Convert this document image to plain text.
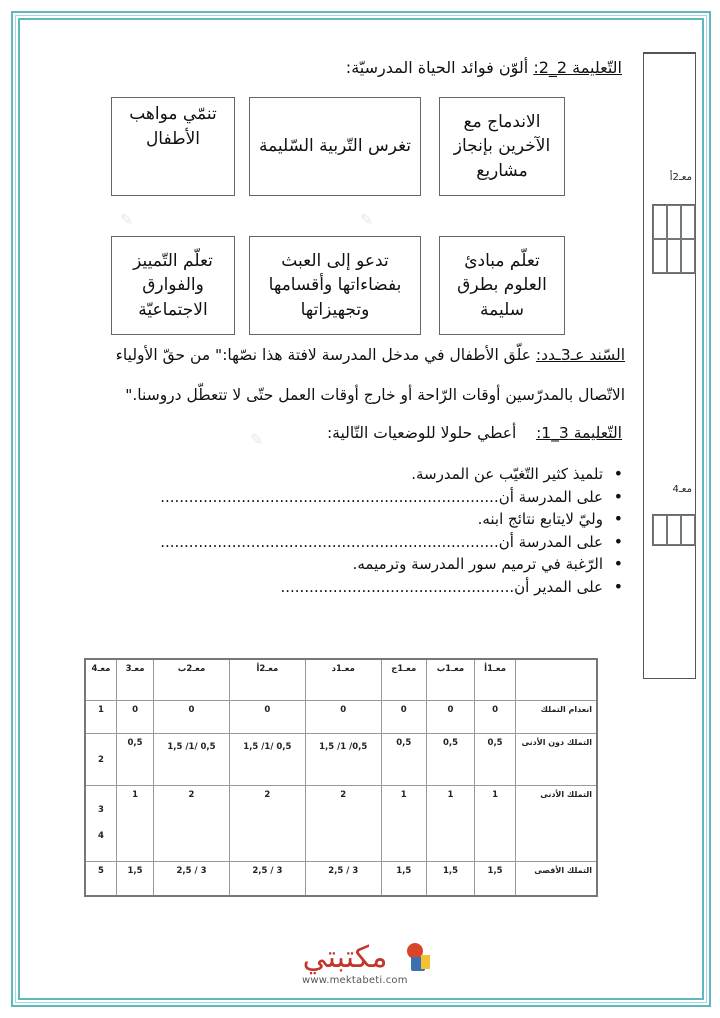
✎	✎
✎
معـ2أ
معـ4
التّعليمة 2_2: ألوّن فوائد الحياة المدرسيّة:
الاندماج مع الآخرين بإنجاز مشاريع
تغرس التّربية السّليمة
تنمّي مواهب الأطفال
تعلّم مبادئ العلوم بطرق سليمة
تدعو إلى العبث بفضاءاتها وأقسامها وتجهيزاتها
تعلّم التّمييز والفوارق الاجتماعيّة
السّند عـ3ـدد: علّق الأطفال في مدخل المدرسة لافتة هذا نصّها:" من حقّ الأولياء
الاتّصال بالمدرّسين أوقات الرّاحة أو خارج أوقات العمل حتّى لا تتعطّل دروسنا."
التّعليمة 3_1:    أعطي حلولا للوضعيات التّالية:
• تلميذ كثير التّغيّب عن المدرسة.
• على المدرسة أن.......................................................................
• وليّ لايتابع نتائج ابنه.
• على المدرسة أن.......................................................................
• الرّغبة في ترميم سور المدرسة وترميمه.
• على المدير أن.................................................
	معـ1أ	معـ1ب	معـ1ج	معـ1د	معـ2أ	معـ2ب	معـ3	معـ4
انعدام التملك	0	0	0	0	0	0	0	1
التملك دون الأدنى	0,5	0,5	0,5	0,5/ 1/ 1,5	0,5 /1/ 1,5	0,5 /1/ 1,5	0,5	2
التملك الأدنى	1	1	1	2	2	2	1	3 4
التملك الأقصى	1,5	1,5	1,5	3 / 2,5	3 / 2,5	3 / 2,5	1,5	5
مكتبتي
www.mektabeti.com
